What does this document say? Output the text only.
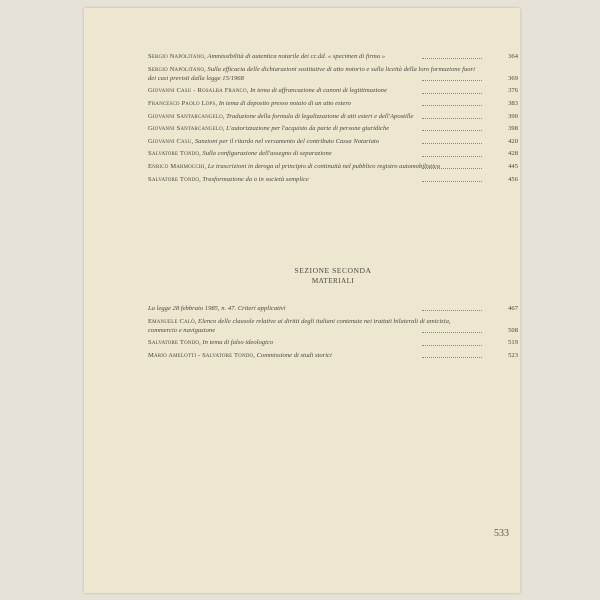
Sergio Napolitano, Ammissibilità di autentica notarile dei cc.dd. « specimen di firma »	364
Sergio Napolitano, Sulla efficacia delle dichiarazioni sostitutive di atto notorio e sulla liceità della loro formazione fuori dei casi previsti dalla legge 15/1968	369
Giovanni Casu - Rosalba Franco, In tema di affrancazione di canoni di legittimazione	376
Francesco Paolo Lops, In tema di deposito presso notaio di un atto estero	383
Giovanni Santarcangelo, Traduzione della formula di legalizzazione di atti esteri e dell'Apostille	390
Giovanni Santarcangelo, L'autorizzazione per l'acquisto da parte di persone giuridiche	398
Giovanni Casu, Sanzioni per il ritardo nel versamento del contributo Cassa Notariato	420
Salvatore Tondo, Sulla configurazione dell'assegno di separazione	428
Enrico Marmocchi, Le trascrizioni in deroga al principio di continuità nel pubblico registro automobilistico	445
Salvatore Tondo, Trasformazione da o in società semplice	456
SEZIONE SECONDA
MATERIALI
La legge 28 febbraio 1985, n. 47. Criteri applicativi	467
Emanuele Calò, Elenco delle clausole relative ai diritti degli italiani contenute nei trattati bilaterali di amicizia, commercio e navigazione	508
Salvatore Tondo, In tema di falso ideologico	519
Mario Amelotti - Salvatore Tondo, Commissione di studi storici	523
533
